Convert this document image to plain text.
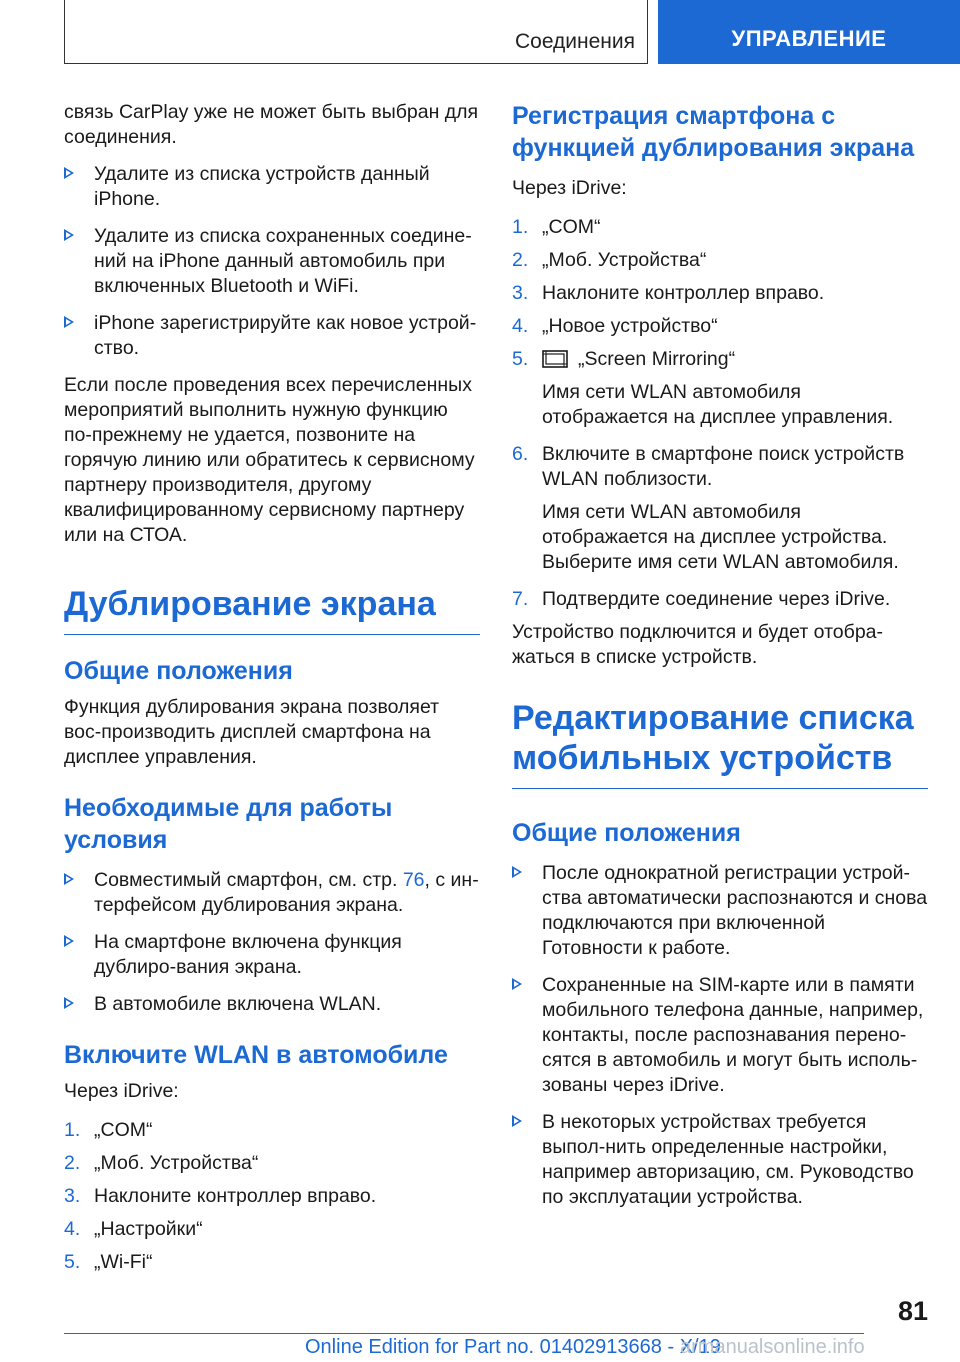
Соединения	УПРАВЛЕНИЕ

связь CarPlay уже не может быть выбран для соединения.

Удалите из списка устройств данный iPhone.

Удалите из списка сохраненных соедине-ний на iPhone данный автомобиль при включенных Bluetooth и WiFi.

iPhone зарегистрируйте как новое устрой-ство.

Если после проведения всех перечисленных мероприятий выполнить нужную функцию по-прежнему не удается, позвоните на горячую линию или обратитесь к сервисному партнеру производителя, другому квалифицированному сервисному партнеру или на СТОА.

Дублирование экрана
Общие положения

Функция дублирования экрана позволяет вос-производить дисплей смартфона на дисплее управления.

Необходимые для работы условия

Совместимый смартфон, см. стр. 76, с ин-терфейсом дублирования экрана.

На смартфоне включена функция дублиро-вания экрана.

В автомобиле включена WLAN.

Включите WLAN в автомобиле

Через iDrive:

1. „COM“

2. „Моб. Устройства“

3. Наклоните контроллер вправо.

4. „Настройки“

5. „Wi-Fi“

Регистрация смартфона с функцией дублирования экрана

Через iDrive:

1. „COM“

2. „Моб. Устройства“

3. Наклоните контроллер вправо.

4. „Новое устройство“

5.	„Screen Mirroring“

Имя сети WLAN автомобиля отображается на дисплее управления.

6. Включите в смартфоне поиск устройств WLAN поблизости.

Имя сети WLAN автомобиля отображается на дисплее устройства. Выберите имя сети WLAN автомобиля.

7. Подтвердите соединение через iDrive.

Устройство подключится и будет отобра-жаться в списке устройств.

Редактирование списка мобильных устройств
Общие положения

После однократной регистрации устрой-ства автоматически распознаются и снова подключаются при включенной Готовности к работе.

Сохраненные на SIM-карте или в памяти мобильного телефона данные, например, контакты, после распознавания перено-сятся в автомобиль и могут быть исполь-зованы через iDrive.

В некоторых устройствах требуется выпол-нить определенные настройки, например авторизацию, см. Руководство по эксплуатации устройства.

81
Online Edition for Part no. 01402913668 - X/19
armanualsonline.info
